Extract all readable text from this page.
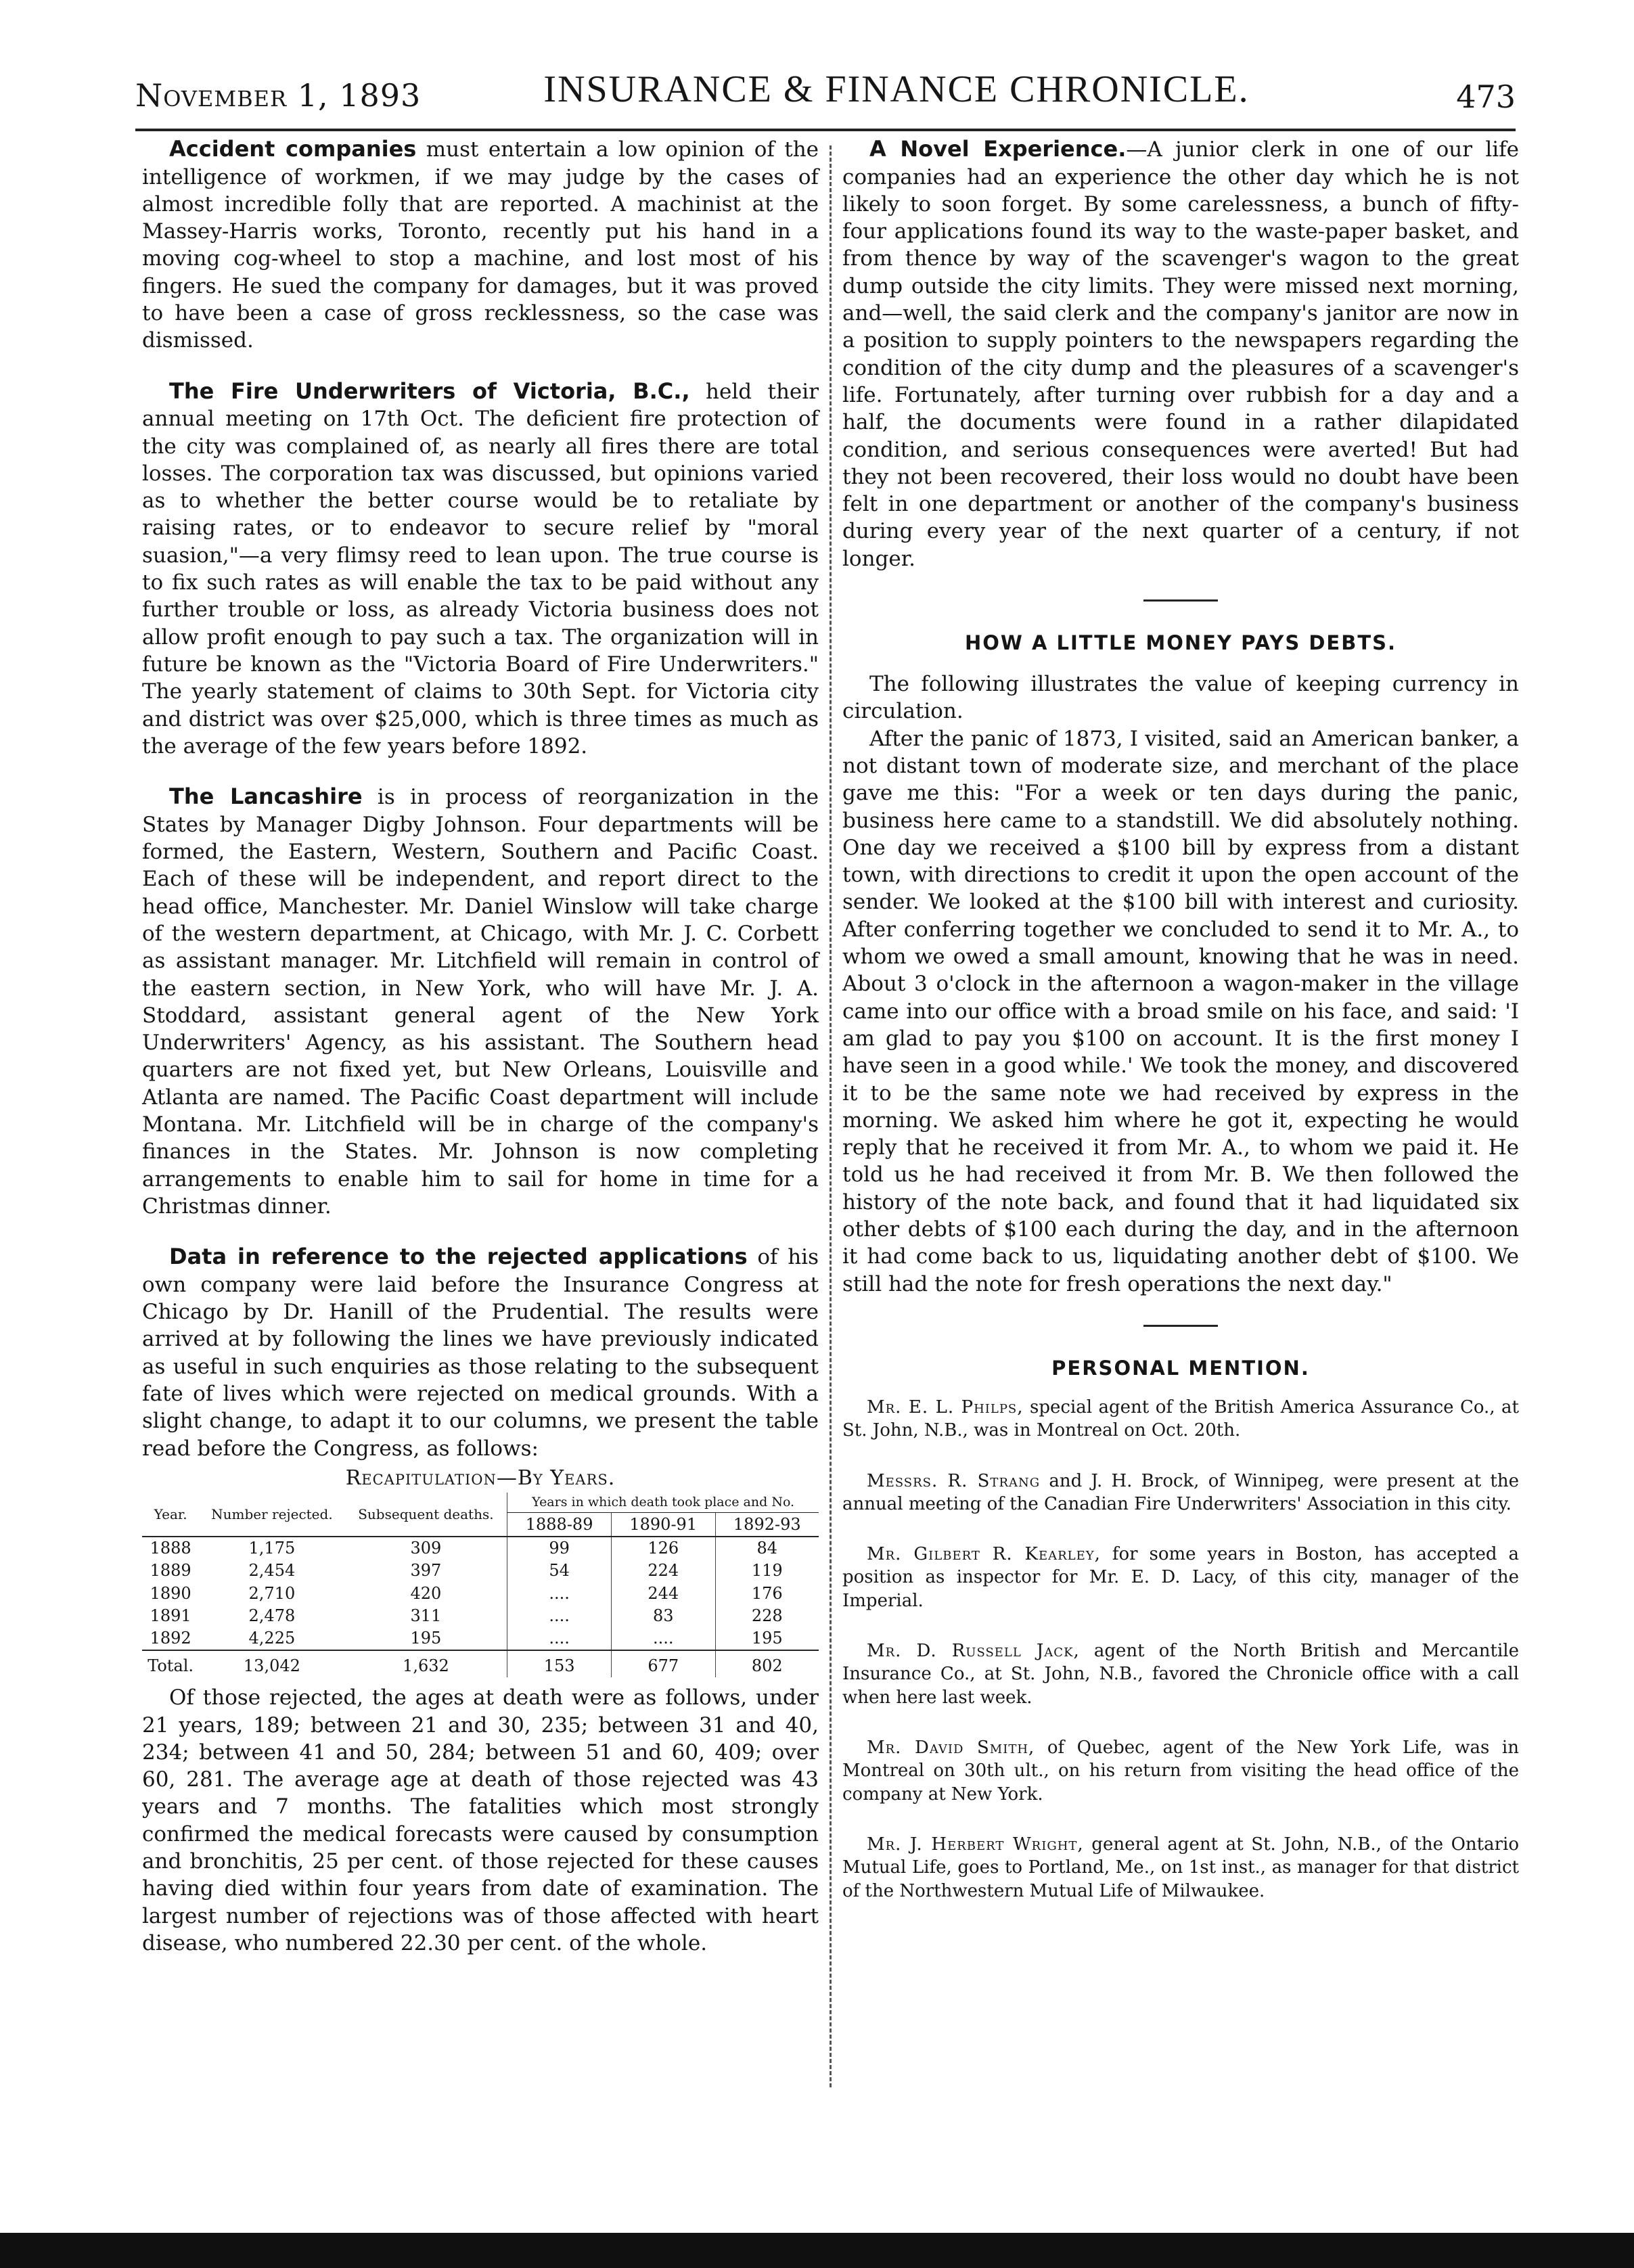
November 1, 1893	INSURANCE & FINANCE CHRONICLE.	473

Accident companies must entertain a low opinion of the intelligence of workmen, if we may judge by the cases of almost incredible folly that are reported. A machinist at the Massey-Harris works, Toronto, recently put his hand in a moving cog-wheel to stop a machine, and lost most of his fingers. He sued the company for damages, but it was proved to have been a case of gross recklessness, so the case was dismissed.

The Fire Underwriters of Victoria, B.C., held their annual meeting on 17th Oct. The deficient fire protection of the city was complained of, as nearly all fires there are total losses. The corporation tax was discussed, but opinions varied as to whether the better course would be to retaliate by raising rates, or to endeavor to secure relief by "moral suasion,"—a very flimsy reed to lean upon. The true course is to fix such rates as will enable the tax to be paid without any further trouble or loss, as already Victoria business does not allow profit enough to pay such a tax. The organization will in future be known as the "Victoria Board of Fire Underwriters." The yearly statement of claims to 30th Sept. for Victoria city and district was over $25,000, which is three times as much as the average of the few years before 1892.

The Lancashire is in process of reorganization in the States by Manager Digby Johnson. Four departments will be formed, the Eastern, Western, Southern and Pacific Coast. Each of these will be independent, and report direct to the head office, Manchester. Mr. Daniel Winslow will take charge of the western department, at Chicago, with Mr. J. C. Corbett as assistant manager. Mr. Litchfield will remain in control of the eastern section, in New York, who will have Mr. J. A. Stoddard, assistant general agent of the New York Underwriters' Agency, as his assistant. The Southern head quarters are not fixed yet, but New Orleans, Louisville and Atlanta are named. The Pacific Coast department will include Montana. Mr. Litchfield will be in charge of the company's finances in the States. Mr. Johnson is now completing arrangements to enable him to sail for home in time for a Christmas dinner.

Data in reference to the rejected applications of his own company were laid before the Insurance Congress at Chicago by Dr. Hanill of the Prudential. The results were arrived at by following the lines we have previously indicated as useful in such enquiries as those relating to the subsequent fate of lives which were rejected on medical grounds. With a slight change, to adapt it to our columns, we present the table read before the Congress, as follows:

Recapitulation—By Years.
Year.	Number rejected.	Subsequent deaths.	Years in which death took place and No.		
			1888-89	1890-91	1892-93
1888	1,175	309	99	126	84
1889	2,454	397	54	224	119
1890	2,710	420	....	244	176
1891	2,478	311	....	83	228
1892	4,225	195	....	....	195
Total.	13,042	1,632	153	677	802

Of those rejected, the ages at death were as follows, under 21 years, 189; between 21 and 30, 235; between 31 and 40, 234; between 41 and 50, 284; between 51 and 60, 409; over 60, 281. The average age at death of those rejected was 43 years and 7 months. The fatalities which most strongly confirmed the medical forecasts were caused by consumption and bronchitis, 25 per cent. of those rejected for these causes having died within four years from date of examination. The largest number of rejections was of those affected with heart disease, who numbered 22.30 per cent. of the whole.

A Novel Experience.—A junior clerk in one of our life companies had an experience the other day which he is not likely to soon forget. By some carelessness, a bunch of fifty-four applications found its way to the waste-paper basket, and from thence by way of the scavenger's wagon to the great dump outside the city limits. They were missed next morning, and—well, the said clerk and the company's janitor are now in a position to supply pointers to the newspapers regarding the condition of the city dump and the pleasures of a scavenger's life. Fortunately, after turning over rubbish for a day and a half, the documents were found in a rather dilapidated condition, and serious consequences were averted! But had they not been recovered, their loss would no doubt have been felt in one department or another of the company's business during every year of the next quarter of a century, if not longer.

HOW A LITTLE MONEY PAYS DEBTS.

The following illustrates the value of keeping currency in circulation.

After the panic of 1873, I visited, said an American banker, a not distant town of moderate size, and merchant of the place gave me this: "For a week or ten days during the panic, business here came to a standstill. We did absolutely nothing. One day we received a $100 bill by express from a distant town, with directions to credit it upon the open account of the sender. We looked at the $100 bill with interest and curiosity. After conferring together we concluded to send it to Mr. A., to whom we owed a small amount, knowing that he was in need. About 3 o'clock in the afternoon a wagon-maker in the village came into our office with a broad smile on his face, and said: 'I am glad to pay you $100 on account. It is the first money I have seen in a good while.' We took the money, and discovered it to be the same note we had received by express in the morning. We asked him where he got it, expecting he would reply that he received it from Mr. A., to whom we paid it. He told us he had received it from Mr. B. We then followed the history of the note back, and found that it had liquidated six other debts of $100 each during the day, and in the afternoon it had come back to us, liquidating another debt of $100. We still had the note for fresh operations the next day."

PERSONAL MENTION.

Mr. E. L. Philps, special agent of the British America Assurance Co., at St. John, N.B., was in Montreal on Oct. 20th.

Messrs. R. Strang and J. H. Brock, of Winnipeg, were present at the annual meeting of the Canadian Fire Underwriters' Association in this city.

Mr. Gilbert R. Kearley, for some years in Boston, has accepted a position as inspector for Mr. E. D. Lacy, of this city, manager of the Imperial.

Mr. D. Russell Jack, agent of the North British and Mercantile Insurance Co., at St. John, N.B., favored the Chronicle office with a call when here last week.

Mr. David Smith, of Quebec, agent of the New York Life, was in Montreal on 30th ult., on his return from visiting the head office of the company at New York.

Mr. J. Herbert Wright, general agent at St. John, N.B., of the Ontario Mutual Life, goes to Portland, Me., on 1st inst., as manager for that district of the Northwestern Mutual Life of Milwaukee.
